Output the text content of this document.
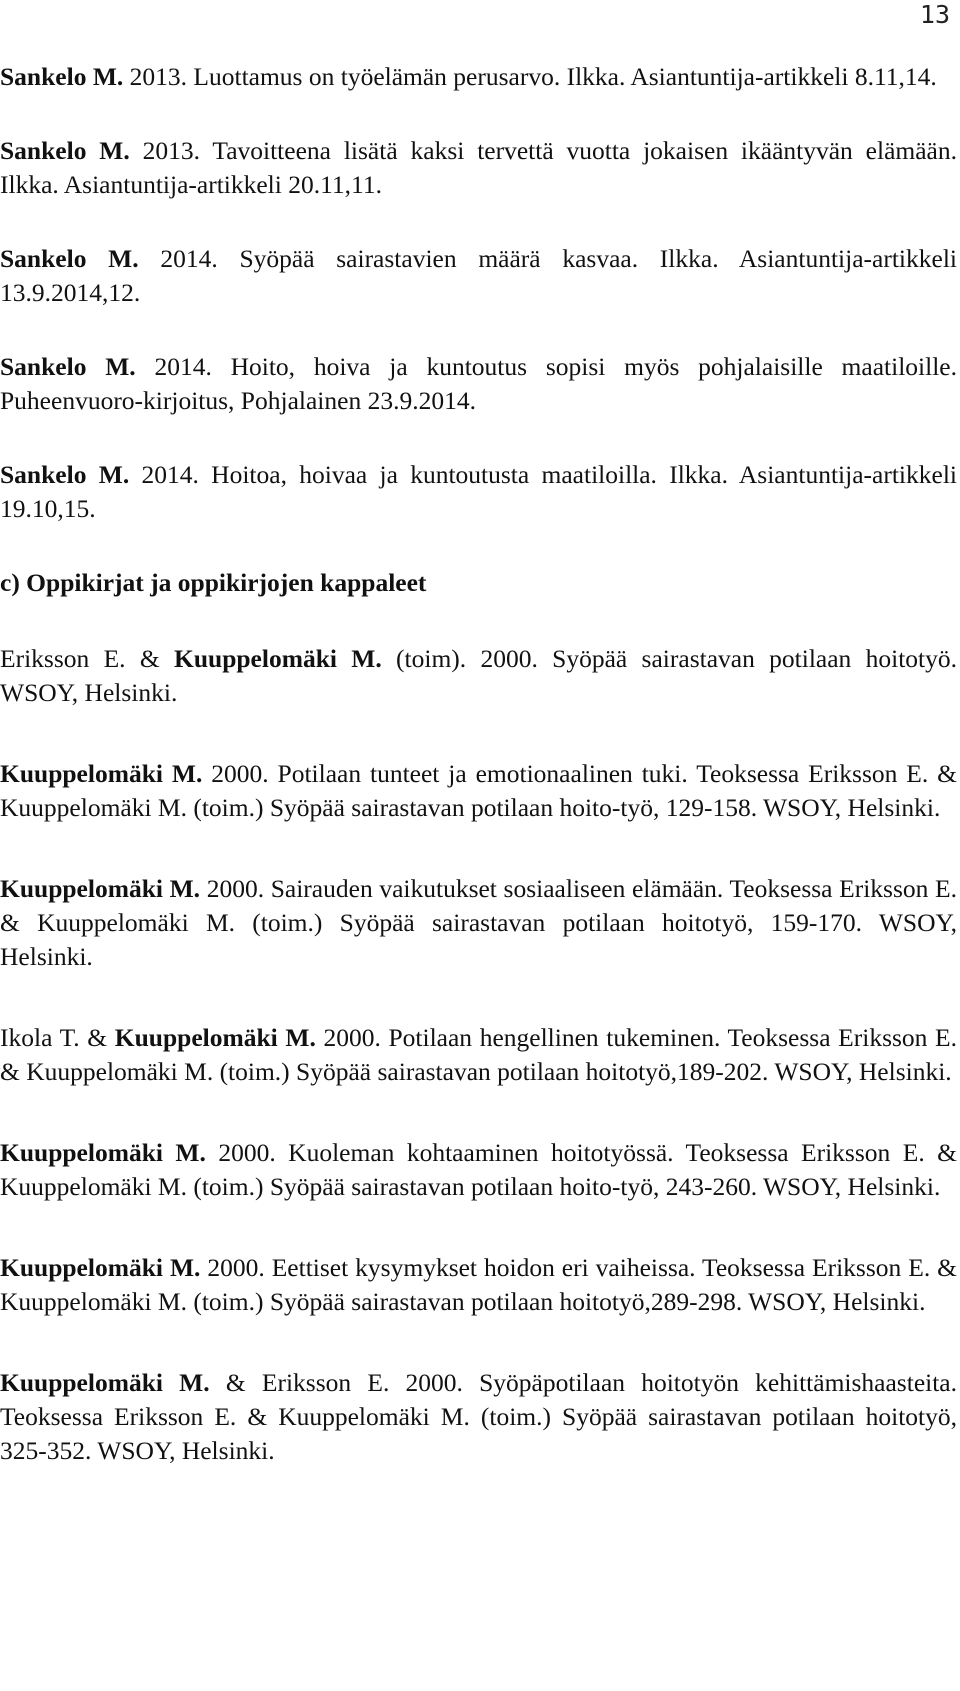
13

Sankelo M. 2013. Luottamus on työelämän perusarvo. Ilkka. Asiantuntija-artikkeli 8.11,14.

Sankelo M. 2013. Tavoitteena lisätä kaksi tervettä vuotta jokaisen ikääntyvän elämään. Ilkka. Asiantuntija-artikkeli 20.11,11.

Sankelo M. 2014. Syöpää sairastavien määrä kasvaa. Ilkka. Asiantuntija-artikkeli 13.9.2014,12.

Sankelo M. 2014. Hoito, hoiva ja kuntoutus sopisi myös pohjalaisille maatiloille. Puheenvuoro-kirjoitus, Pohjalainen 23.9.2014.

Sankelo M. 2014. Hoitoa, hoivaa ja kuntoutusta maatiloilla. Ilkka. Asiantuntija-artikkeli 19.10,15.

c) Oppikirjat ja oppikirjojen kappaleet

Eriksson E. & Kuuppelomäki M. (toim). 2000. Syöpää sairastavan potilaan hoitotyö. WSOY, Helsinki.

Kuuppelomäki M. 2000. Potilaan tunteet ja emotionaalinen tuki. Teoksessa Eriksson E. & Kuuppelomäki M. (toim.) Syöpää sairastavan potilaan hoito-työ, 129-158. WSOY, Helsinki.

Kuuppelomäki M. 2000. Sairauden vaikutukset sosiaaliseen elämään. Teoksessa Eriksson E. & Kuuppelomäki M. (toim.) Syöpää sairastavan potilaan hoitotyö, 159-170. WSOY, Helsinki.

Ikola T. & Kuuppelomäki M. 2000. Potilaan hengellinen tukeminen. Teoksessa Eriksson E. & Kuuppelomäki M. (toim.) Syöpää sairastavan potilaan hoitotyö,189-202. WSOY, Helsinki.

Kuuppelomäki M. 2000. Kuoleman kohtaaminen hoitotyössä. Teoksessa Eriksson E. & Kuuppelomäki M. (toim.) Syöpää sairastavan potilaan hoito-työ, 243-260. WSOY, Helsinki.

Kuuppelomäki M. 2000. Eettiset kysymykset hoidon eri vaiheissa. Teoksessa Eriksson E. & Kuuppelomäki M. (toim.) Syöpää sairastavan potilaan hoitotyö,289-298. WSOY, Helsinki.

Kuuppelomäki M. & Eriksson E. 2000. Syöpäpotilaan hoitotyön kehittämishaasteita. Teoksessa Eriksson E. & Kuuppelomäki M. (toim.) Syöpää sairastavan potilaan hoitotyö, 325-352. WSOY, Helsinki.
